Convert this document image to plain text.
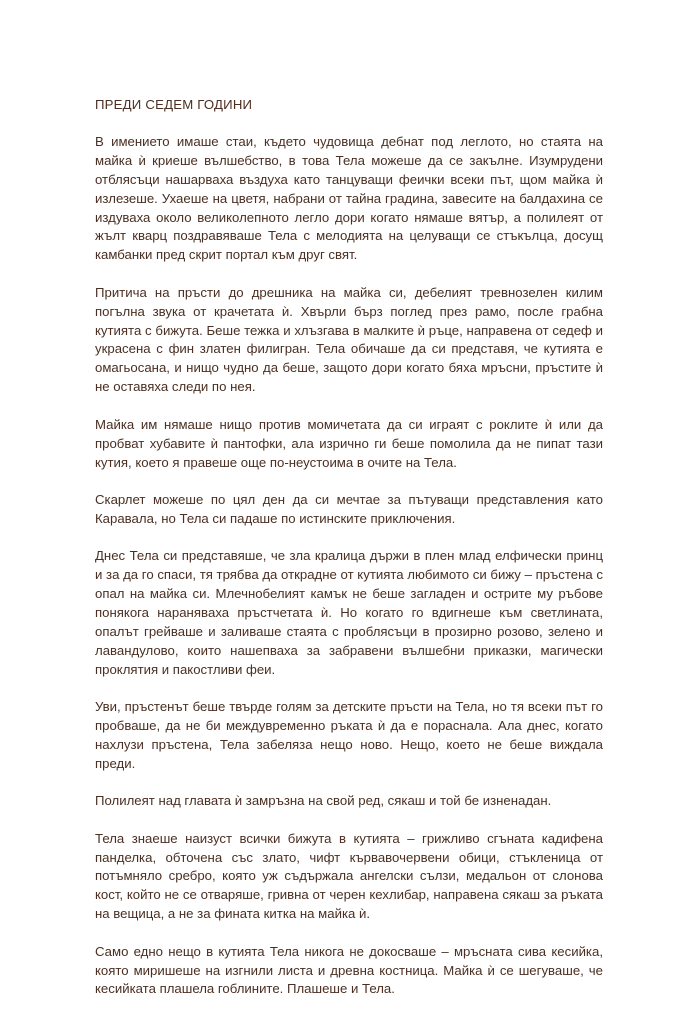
ПРЕДИ СЕДЕМ ГОДИНИ

В имението имаше стаи, където чудовища дебнат под леглото, но стаята на майка ѝ криеше вълшебство, в това Тела можеше да се закълне. Изумрудени отблясъци нашарваха въздуха като танцуващи феички всеки път, щом майка ѝ излезеше. Ухаеше на цветя, набрани от тайна градина, завесите на балдахина се издуваха около великолепното легло дори когато нямаше вятър, а полилеят от жълт кварц поздравяваше Тела с мелодията на целуващи се стъкълца, досущ камбанки пред скрит портал към друг свят.

Притича на пръсти до дрешника на майка си, дебелият тревнозелен килим погълна звука от крачетата ѝ. Хвърли бърз поглед през рамо, после грабна кутията с бижута. Беше тежка и хлъзгава в малките ѝ ръце, направена от седеф и украсена с фин златен филигран. Тела обичаше да си представя, че кутията е омагьосана, и нищо чудно да беше, защото дори когато бяха мръсни, пръстите ѝ не оставяха следи по нея.

Майка им нямаше нищо против момичетата да си играят с роклите ѝ или да пробват хубавите ѝ пантофки, ала изрично ги беше помолила да не пипат тази кутия, което я правеше още по-неустоима в очите на Тела.

Скарлет можеше по цял ден да си мечтае за пътуващи представления като Каравала, но Тела си падаше по истинските приключения.

Днес Тела си представяше, че зла кралица държи в плен млад елфически принц и за да го спаси, тя трябва да открадне от кутията любимото си бижу – пръстена с опал на майка си. Млечнобелият камък не беше загладен и острите му ръбове понякога наранявaха пръстчетата ѝ. Но когато го вдигнеше към светлината, опалът грейваше и заливаше стаята с проблясъци в прозирно розово, зелено и лавандулово, които нашепваха за забравени вълшебни приказки, магически проклятия и пакостливи феи.

Уви, пръстенът беше твърде голям за детските пръсти на Тела, но тя всеки път го пробваше, да не би междувременно ръката ѝ да е пораснала. Ала днес, когато нахлузи пръстена, Тела забеляза нещо ново. Нещо, което не беше виждала преди.

Полилеят над главата ѝ замръзна на свой ред, сякаш и той бе изненадан.

Тела знаеше наизуст всички бижута в кутията – грижливо сгъната кадифена панделка, обточена със злато, чифт кървавочервени обици, стъкленица от потъмняло сребро, която уж съдържала ангелски сълзи, медальон от слонова кост, който не се отваряше, гривна от черен кехлибар, направена сякаш за ръката на вещица, а не за фината китка на майка ѝ.

Само едно нещо в кутията Тела никога не докосваше – мръсната сива кесийка, която миришеше на изгнили листа и древна костница. Майка ѝ се шегуваше, че кесийката плашела гоблините. Плашеше и Тела.
